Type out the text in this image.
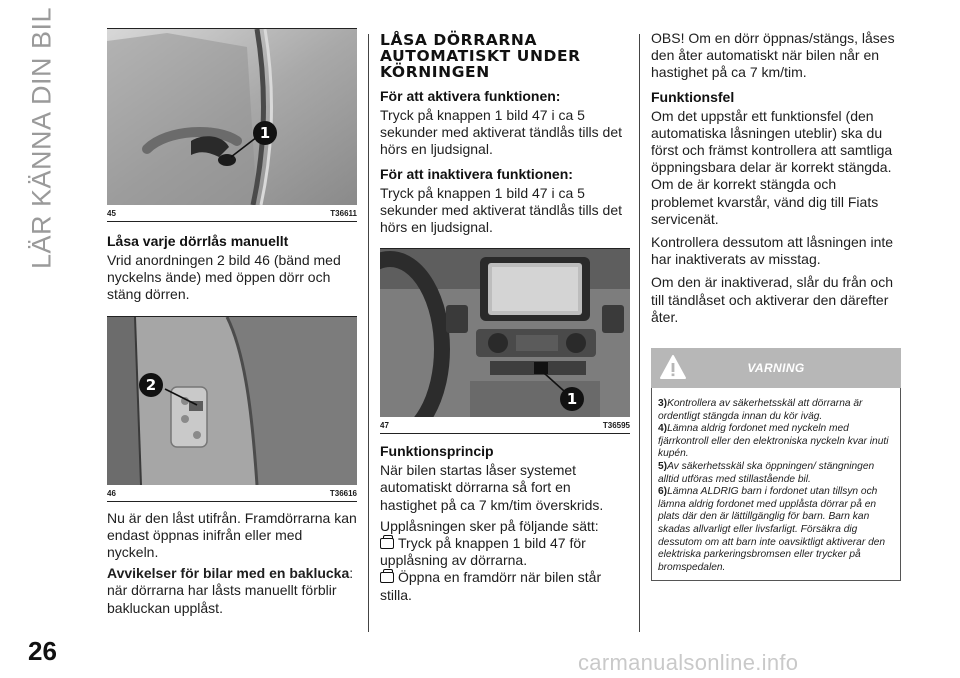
LÄR KÄNNA DIN BIL	1
45	T36611
Låsa varje dörrlås manuellt
Vrid anordningen 2 bild 46 (bänd med nyckelns ände) med öppen dörr och stäng dörren.
2
46	T36616
Nu är den låst utifrån. Framdörrarna kan endast öppnas inifrån eller med nyckeln.
Avvikelser för bilar med en baklucka: när dörrarna har låsts manuellt förblir bakluckan upplåst.
LÅSA DÖRRARNA AUTOMATISKT UNDER KÖRNINGEN
För att aktivera funktionen:
Tryck på knappen 1 bild 47 i ca 5 sekunder med aktiverat tändlås tills det hörs en ljudsignal.
För att inaktivera funktionen:
Tryck på knappen 1 bild 47 i ca 5 sekunder med aktiverat tändlås tills det hörs en ljudsignal.
1
47	T36595
Funktionsprincip
När bilen startas låser systemet automatiskt dörrarna så fort en hastighet på ca 7 km/tim överskrids.
Upplåsningen sker på följande sätt:
Tryck på knappen 1 bild 47 för upplåsning av dörrarna.
Öppna en framdörr när bilen står stilla.
OBS! Om en dörr öppnas/stängs, låses den åter automatiskt när bilen når en hastighet på ca 7 km/tim.
Funktionsfel
Om det uppstår ett funktionsfel (den automatiska låsningen uteblir) ska du först och främst kontrollera att samtliga öppningsbara delar är korrekt stängda. Om de är korrekt stängda och problemet kvarstår, vänd dig till Fiats servicenät.
Kontrollera dessutom att låsningen inte har inaktiverats av misstag.
Om den är inaktiverad, slår du från och till tändlåset och aktiverar den därefter åter.
VARNING
3)Kontrollera av säkerhetsskäl att dörrarna är ordentligt stängda innan du kör iväg.
4)Lämna aldrig fordonet med nyckeln med fjärrkontroll eller den elektroniska nyckeln kvar inuti kupén.
5)Av säkerhetsskäl ska öppningen/ stängningen alltid utföras med stillastående bil.
6)Lämna ALDRIG barn i fordonet utan tillsyn och lämna aldrig fordonet med upplåsta dörrar på en plats där den är lättillgänglig för barn. Barn kan skadas allvarligt eller livsfarligt. Försäkra dig dessutom om att barn inte oavsiktligt aktiverar den elektriska parkeringsbromsen eller trycker på bromspedalen.
26	carmanualsonline.info
